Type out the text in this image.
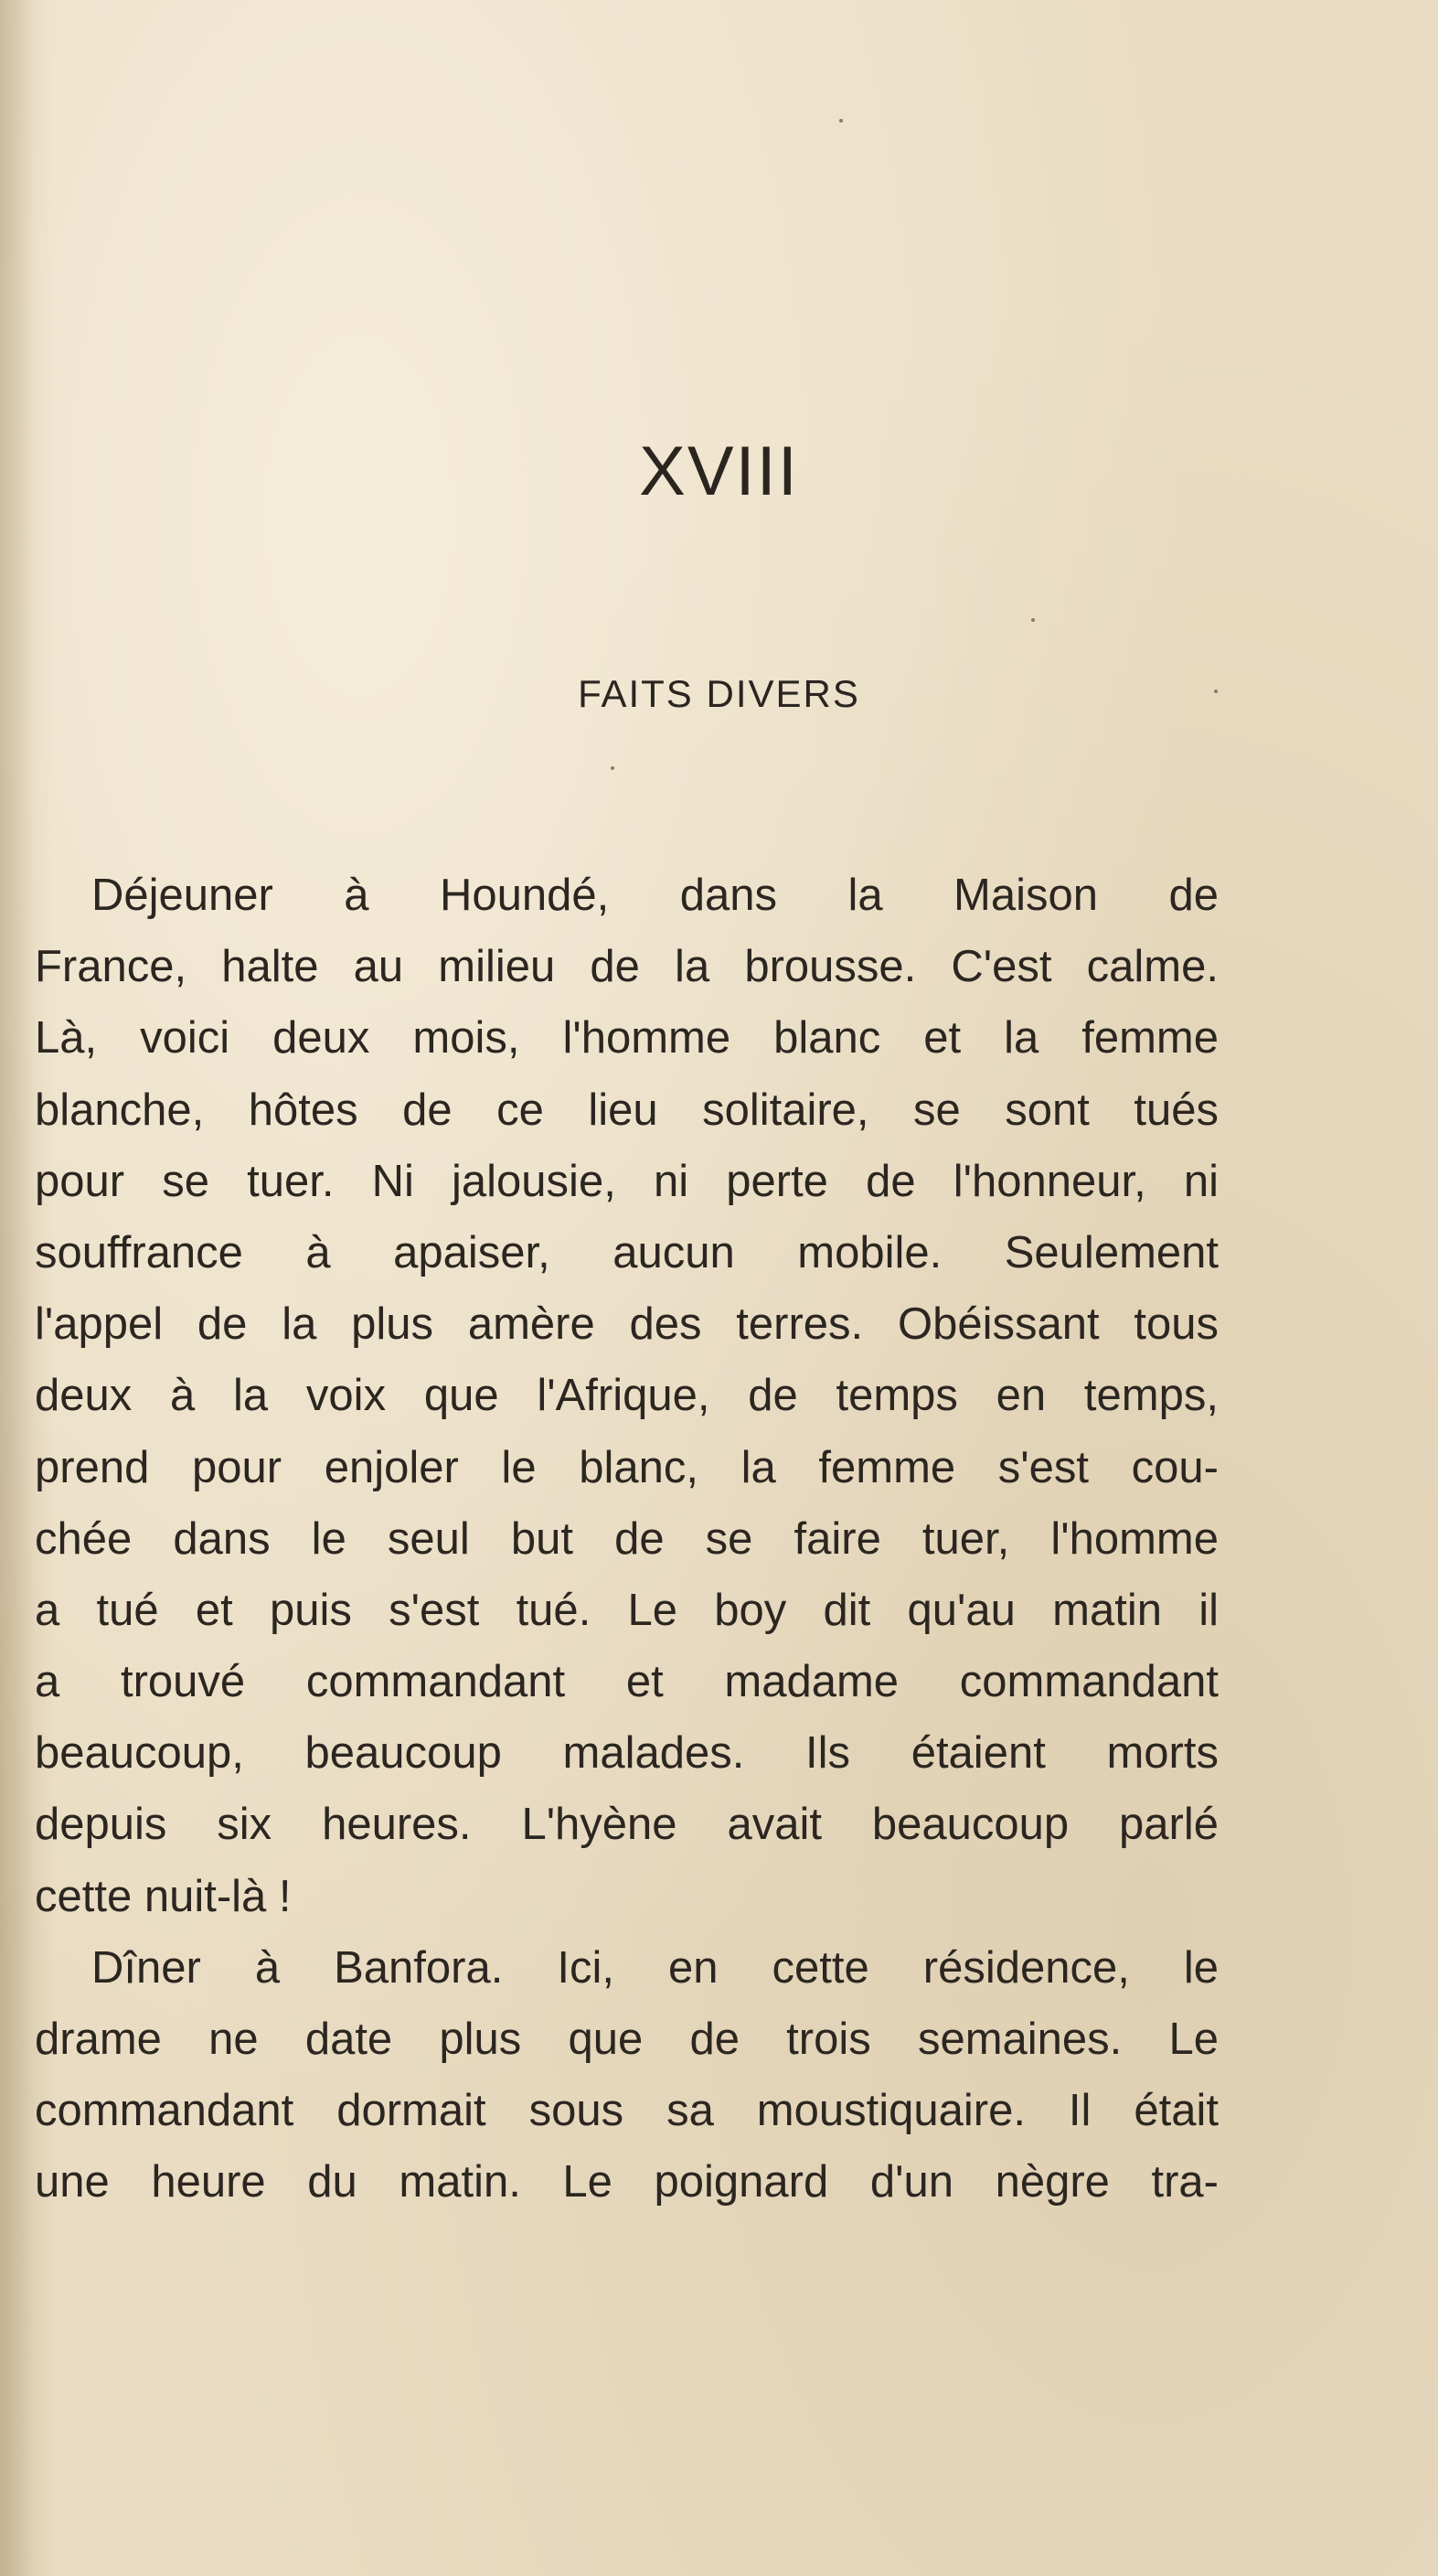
XVIII
FAITS DIVERS
Déjeuner à Houndé, dans la Maison de
France, halte au milieu de la brousse. C'est calme.
Là, voici deux mois, l'homme blanc et la femme
blanche, hôtes de ce lieu solitaire, se sont tués
pour se tuer. Ni jalousie, ni perte de l'honneur, ni
souffrance à apaiser, aucun mobile. Seulement
l'appel de la plus amère des terres. Obéissant tous
deux à la voix que l'Afrique, de temps en temps,
prend pour enjoler le blanc, la femme s'est cou-
chée dans le seul but de se faire tuer, l'homme
a tué et puis s'est tué. Le boy dit qu'au matin il
a trouvé commandant et madame commandant
beaucoup, beaucoup malades. Ils étaient morts
depuis six heures. L'hyène avait beaucoup parlé
cette nuit-là !
Dîner à Banfora. Ici, en cette résidence, le
drame ne date plus que de trois semaines. Le
commandant dormait sous sa moustiquaire. Il était
une heure du matin. Le poignard d'un nègre tra-
